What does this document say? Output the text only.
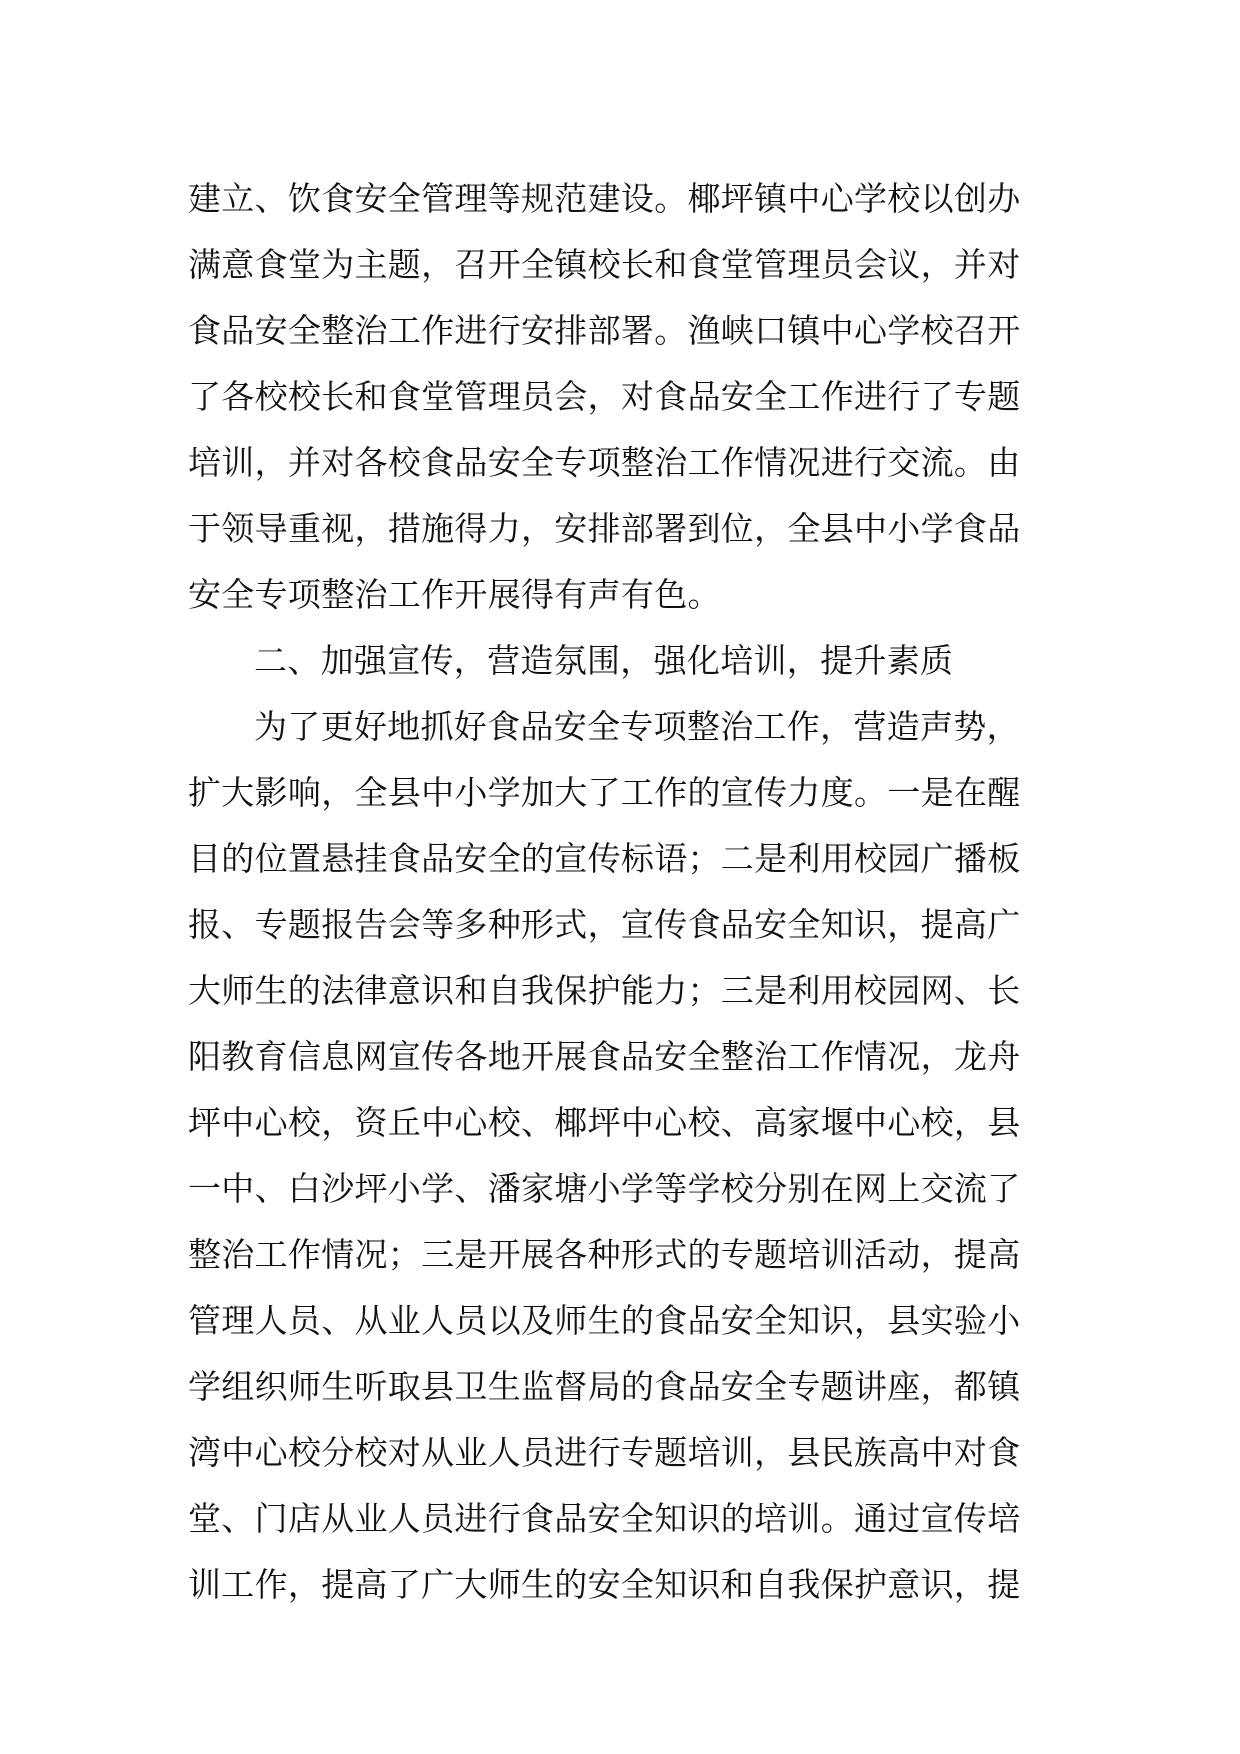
建立、饮食安全管理等规范建设。椰坪镇中心学校以创办
满意食堂为主题，召开全镇校长和食堂管理员会议，并对
食品安全整治工作进行安排部署。渔峡口镇中心学校召开
了各校校长和食堂管理员会，对食品安全工作进行了专题
培训，并对各校食品安全专项整治工作情况进行交流。由
于领导重视，措施得力，安排部署到位，全县中小学食品
安全专项整治工作开展得有声有色。
二、加强宣传，营造氛围，强化培训，提升素质
为了更好地抓好食品安全专项整治工作，营造声势，
扩大影响，全县中小学加大了工作的宣传力度。一是在醒
目的位置悬挂食品安全的宣传标语；二是利用校园广播板
报、专题报告会等多种形式，宣传食品安全知识，提高广
大师生的法律意识和自我保护能力；三是利用校园网、长
阳教育信息网宣传各地开展食品安全整治工作情况，龙舟
坪中心校，资丘中心校、椰坪中心校、高家堰中心校，县
一中、白沙坪小学、潘家塘小学等学校分别在网上交流了
整治工作情况；三是开展各种形式的专题培训活动，提高
管理人员、从业人员以及师生的食品安全知识，县实验小
学组织师生听取县卫生监督局的食品安全专题讲座，都镇
湾中心校分校对从业人员进行专题培训，县民族高中对食
堂、门店从业人员进行食品安全知识的培训。通过宣传培
训工作，提高了广大师生的安全知识和自我保护意识，提
